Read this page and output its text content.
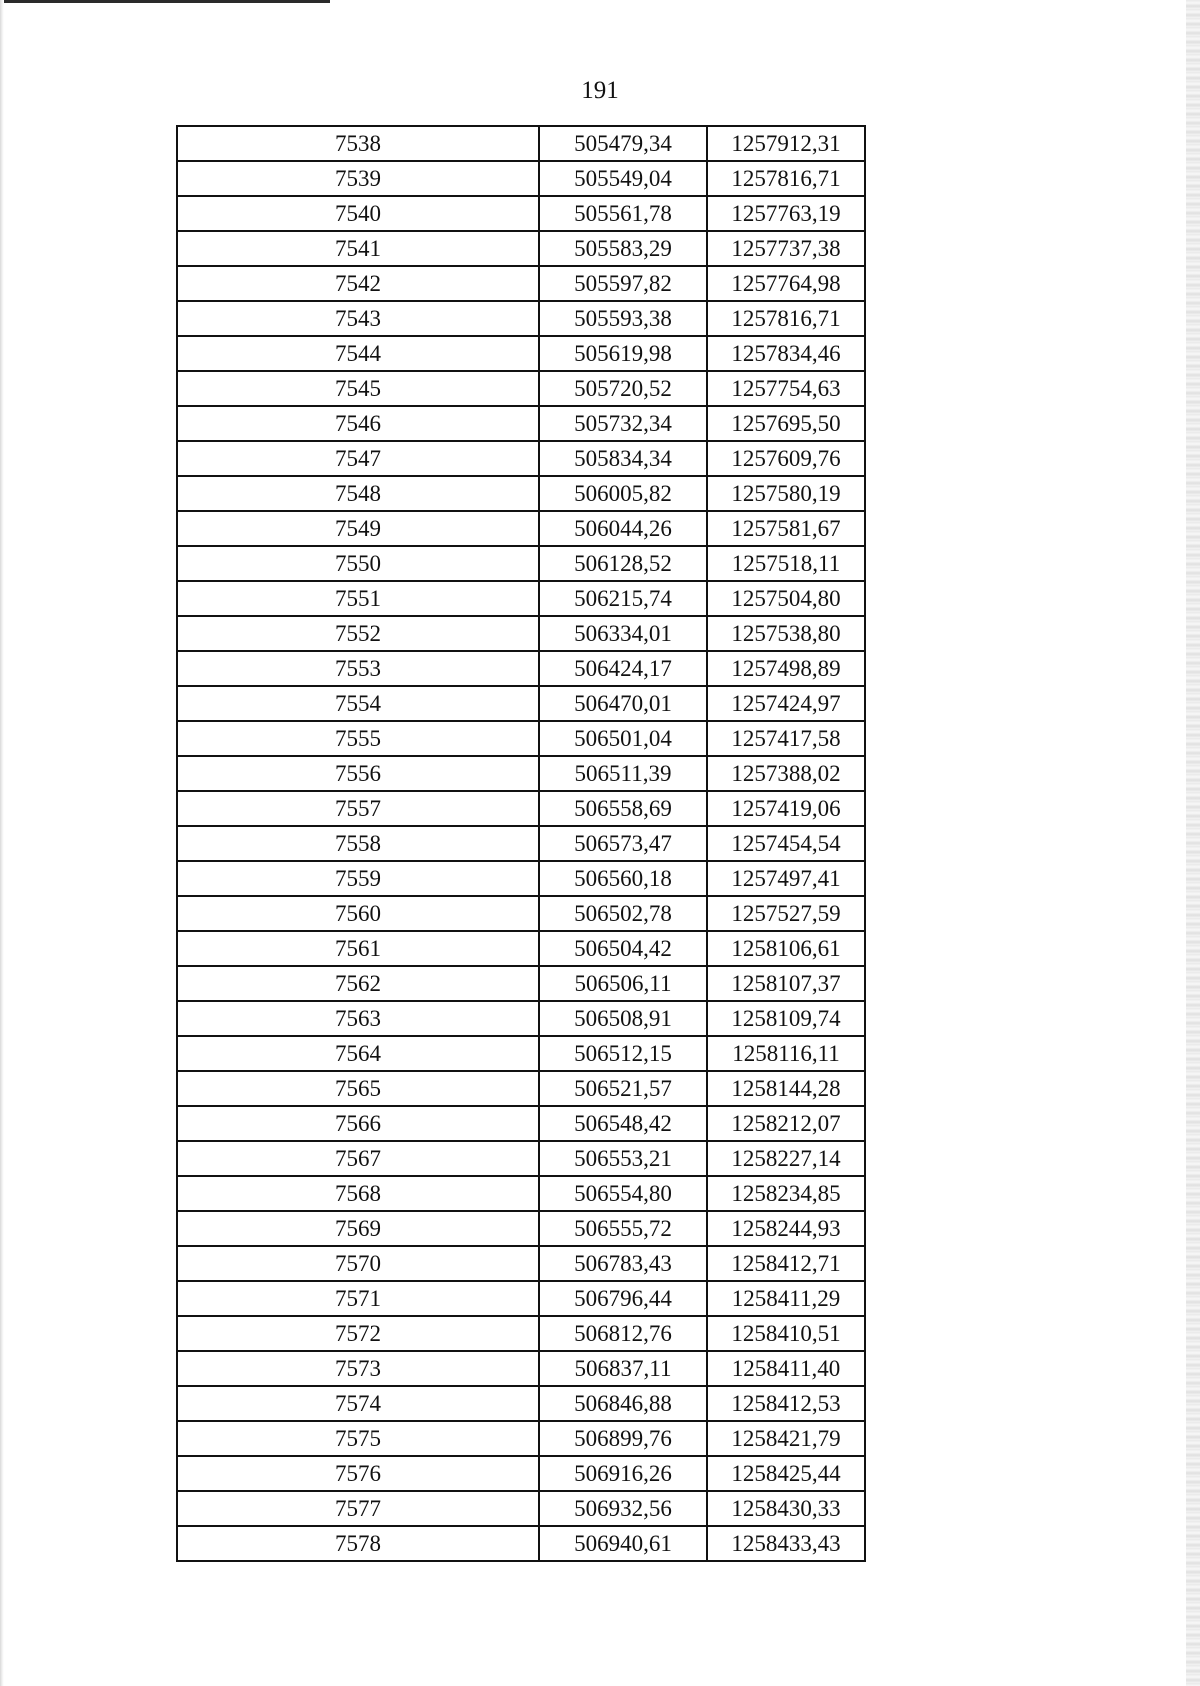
191
7538	505479,34	1257912,31
7539	505549,04	1257816,71
7540	505561,78	1257763,19
7541	505583,29	1257737,38
7542	505597,82	1257764,98
7543	505593,38	1257816,71
7544	505619,98	1257834,46
7545	505720,52	1257754,63
7546	505732,34	1257695,50
7547	505834,34	1257609,76
7548	506005,82	1257580,19
7549	506044,26	1257581,67
7550	506128,52	1257518,11
7551	506215,74	1257504,80
7552	506334,01	1257538,80
7553	506424,17	1257498,89
7554	506470,01	1257424,97
7555	506501,04	1257417,58
7556	506511,39	1257388,02
7557	506558,69	1257419,06
7558	506573,47	1257454,54
7559	506560,18	1257497,41
7560	506502,78	1257527,59
7561	506504,42	1258106,61
7562	506506,11	1258107,37
7563	506508,91	1258109,74
7564	506512,15	1258116,11
7565	506521,57	1258144,28
7566	506548,42	1258212,07
7567	506553,21	1258227,14
7568	506554,80	1258234,85
7569	506555,72	1258244,93
7570	506783,43	1258412,71
7571	506796,44	1258411,29
7572	506812,76	1258410,51
7573	506837,11	1258411,40
7574	506846,88	1258412,53
7575	506899,76	1258421,79
7576	506916,26	1258425,44
7577	506932,56	1258430,33
7578	506940,61	1258433,43
